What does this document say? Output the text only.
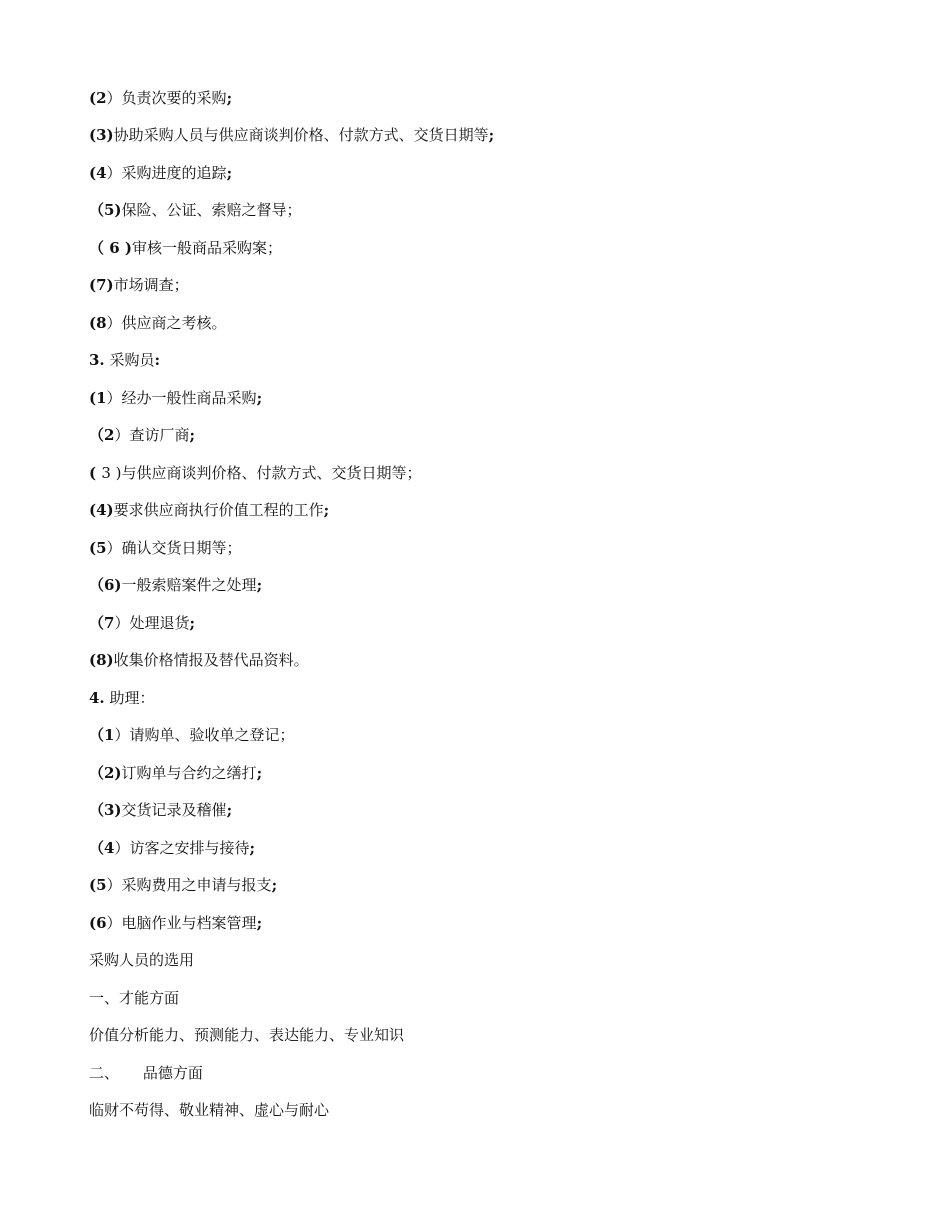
(2）负责次要的采购;
(3)协助采购人员与供应商谈判价格、付款方式、交货日期等;
(4）采购进度的追踪;
（5)保险、公证、索赔之督导；
（ 6 )审核一般商品采购案；
(7)市场调查；
(8）供应商之考核。
3. 采购员:
(1）经办一般性商品采购;
（2）查访厂商;
( 3 )与供应商谈判价格、付款方式、交货日期等；
(4)要求供应商执行价值工程的工作;
(5）确认交货日期等；
（6)一般索赔案件之处理;
（7）处理退货;
(8)收集价格情报及替代品资料。
4. 助理：
（1）请购单、验收单之登记；
（2)订购单与合约之缮打;
（3)交货记录及稽催;
（4）访客之安排与接待;
(5）采购费用之申请与报支;
(6）电脑作业与档案管理;
采购人员的选用
一、才能方面
价值分析能力、预测能力、表达能力、专业知识
二、     品德方面
临财不苟得、敬业精神、虚心与耐心
